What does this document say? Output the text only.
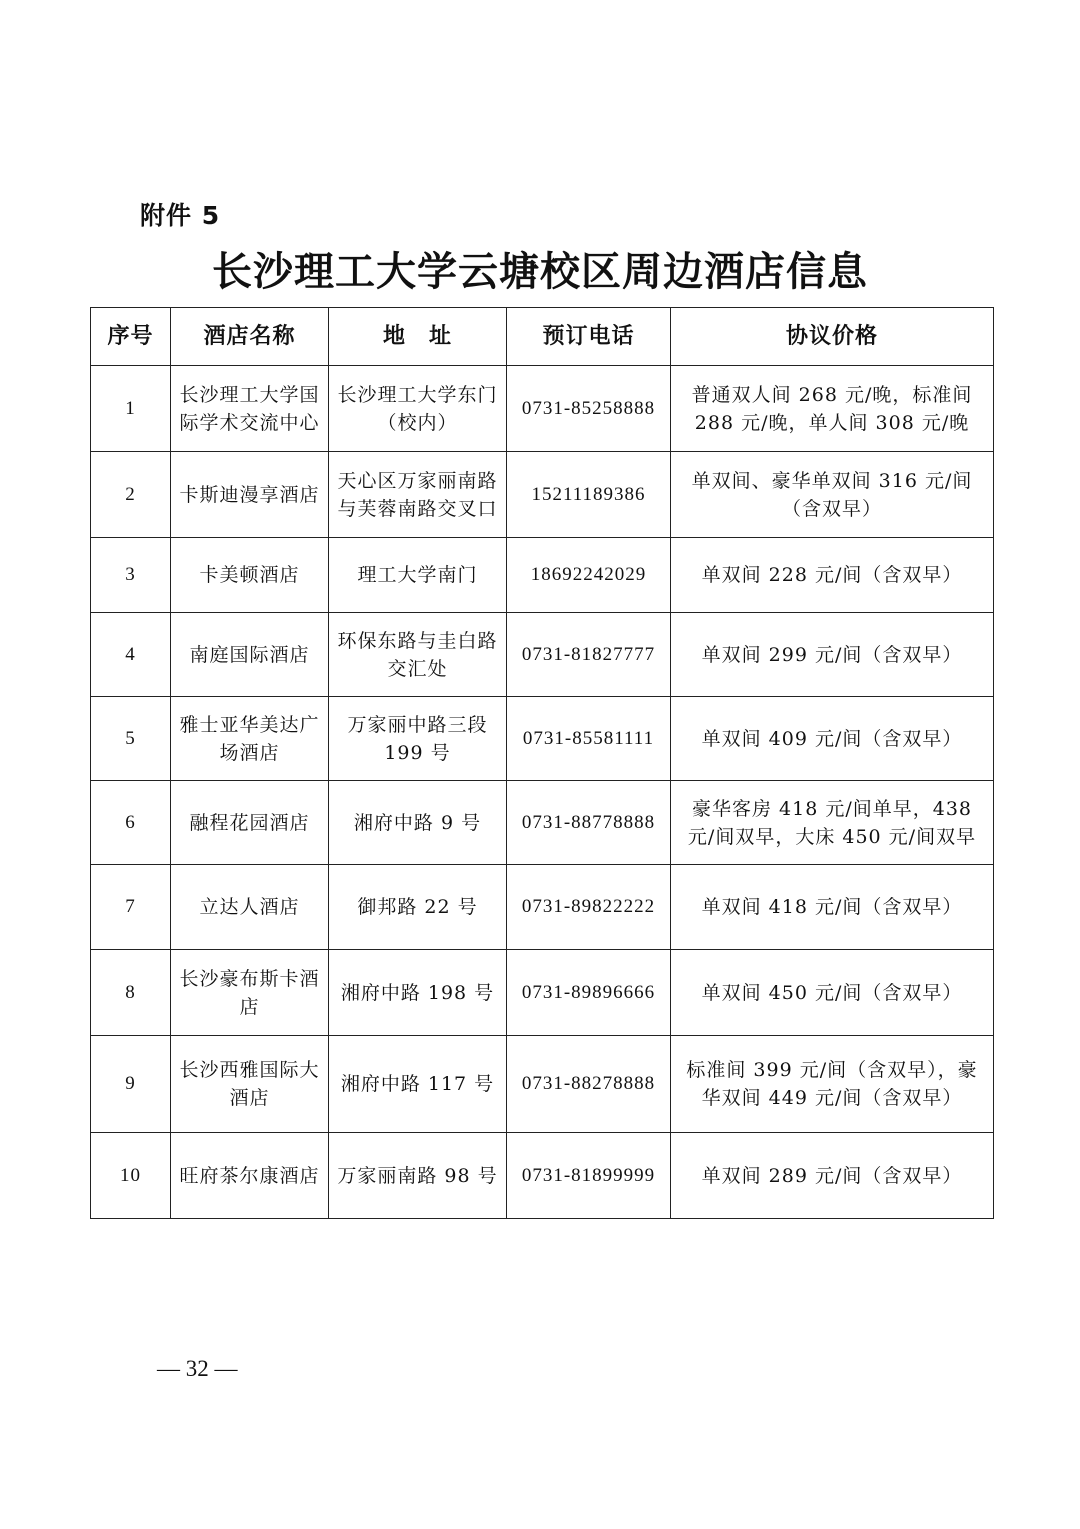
附件 5
长沙理工大学云塘校区周边酒店信息
序号	酒店名称	地　址	预订电话	协议价格
1	长沙理工大学国际学术交流中心	长沙理工大学东门（校内）	0731-85258888	普通双人间 268 元/晚，标准间 288 元/晚，单人间 308 元/晚
2	卡斯迪漫享酒店	天心区万家丽南路与芙蓉南路交叉口	15211189386	单双间、豪华单双间 316 元/间（含双早）
3	卡美顿酒店	理工大学南门	18692242029	单双间 228 元/间（含双早）
4	南庭国际酒店	环保东路与圭白路交汇处	0731-81827777	单双间 299 元/间（含双早）
5	雅士亚华美达广场酒店	万家丽中路三段 199 号	0731-85581111	单双间 409 元/间（含双早）
6	融程花园酒店	湘府中路 9 号	0731-88778888	豪华客房 418 元/间单早，438 元/间双早，大床 450 元/间双早
7	立达人酒店	御邦路 22 号	0731-89822222	单双间 418 元/间（含双早）
8	长沙豪布斯卡酒店	湘府中路 198 号	0731-89896666	单双间 450 元/间（含双早）
9	长沙西雅国际大酒店	湘府中路 117 号	0731-88278888	标准间 399 元/间（含双早），豪华双间 449 元/间（含双早）
10	旺府茶尔康酒店	万家丽南路 98 号	0731-81899999	单双间 289 元/间（含双早）
— 32 —
